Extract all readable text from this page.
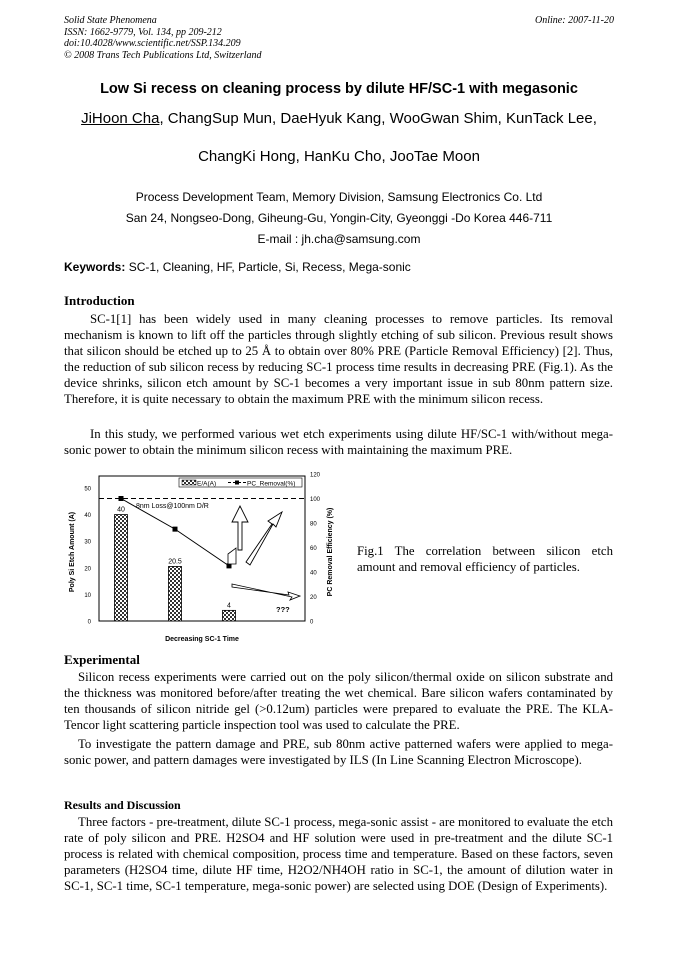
Solid State Phenomena
ISSN: 1662-9779, Vol. 134, pp 209-212
doi:10.4028/www.scientific.net/SSP.134.209
© 2008 Trans Tech Publications Ltd, Switzerland
Online: 2007-11-20
Low Si recess on cleaning process by dilute HF/SC-1 with megasonic
JiHoon Cha, ChangSup Mun, DaeHyuk Kang, WooGwan Shim, KunTack Lee,
ChangKi Hong, HanKu Cho, JooTae Moon
Process Development Team, Memory Division, Samsung Electronics Co. Ltd
San 24, Nongseo-Dong, Giheung-Gu, Yongin-City, Gyeonggi -Do Korea 446-711
E-mail : jh.cha@samsung.com
Keywords: SC-1, Cleaning, HF, Particle, Si, Recess, Mega-sonic
Introduction
SC-1[1] has been widely used in many cleaning processes to remove particles. Its removal mechanism is known to lift off the particles through slightly etching of sub silicon. Previous result shows that silicon should be etched up to 25 Å to obtain over 80% PRE (Particle Removal Efficiency) [2]. Thus, the reduction of sub silicon recess by reducing SC-1 process time results in decreasing PRE (Fig.1). As the device shrinks, silicon etch amount by SC-1 becomes a very important issue in sub 80nm pattern size. Therefore, it is quite necessary to obtain the maximum PRE with the minimum silicon recess.
In this study, we performed various wet etch experiments using dilute HF/SC-1 with/without mega-sonic power to obtain the minimum silicon recess with maintaining the maximum PRE.
0
10
20
30
40
50
0
20
40
60
80
100
120
40
20.5
4
E/A(A)	PC_Removal(%)
8nm Loss@100nm D/R
???
Poly Si Etch Amount (A)	PC Removal Efficiency (%)
Decreasing SC-1 Time
Fig.1 The correlation between silicon etch amount and removal efficiency of particles.
Experimental
Silicon recess experiments were carried out on the poly silicon/thermal oxide on silicon substrate and the thickness was monitored before/after treating the wet chemical. Bare silicon wafers contaminated by ten thousands of silicon nitride gel (>0.12um) particles were prepared to evaluate the PRE. The KLA-Tencor light scattering particle inspection tool was used to calculate the PRE.
To investigate the pattern damage and PRE, sub 80nm active patterned wafers were applied to mega-sonic power, and pattern damages were investigated by ILS (In Line Scanning Electron Microscope).
Results and Discussion
Three factors - pre-treatment, dilute SC-1 process, mega-sonic assist - are monitored to evaluate the etch rate of poly silicon and PRE. H2SO4 and HF solution were used in pre-treatment and the dilute SC-1 process is related with chemical composition, process time and temperature. Based on these factors, seven parameters (H2SO4 time, dilute HF time, H2O2/NH4OH ratio in SC-1, the amount of dilution water in SC-1, SC-1 time, SC-1 temperature, mega-sonic power) are selected using DOE (Design of Experiments).
